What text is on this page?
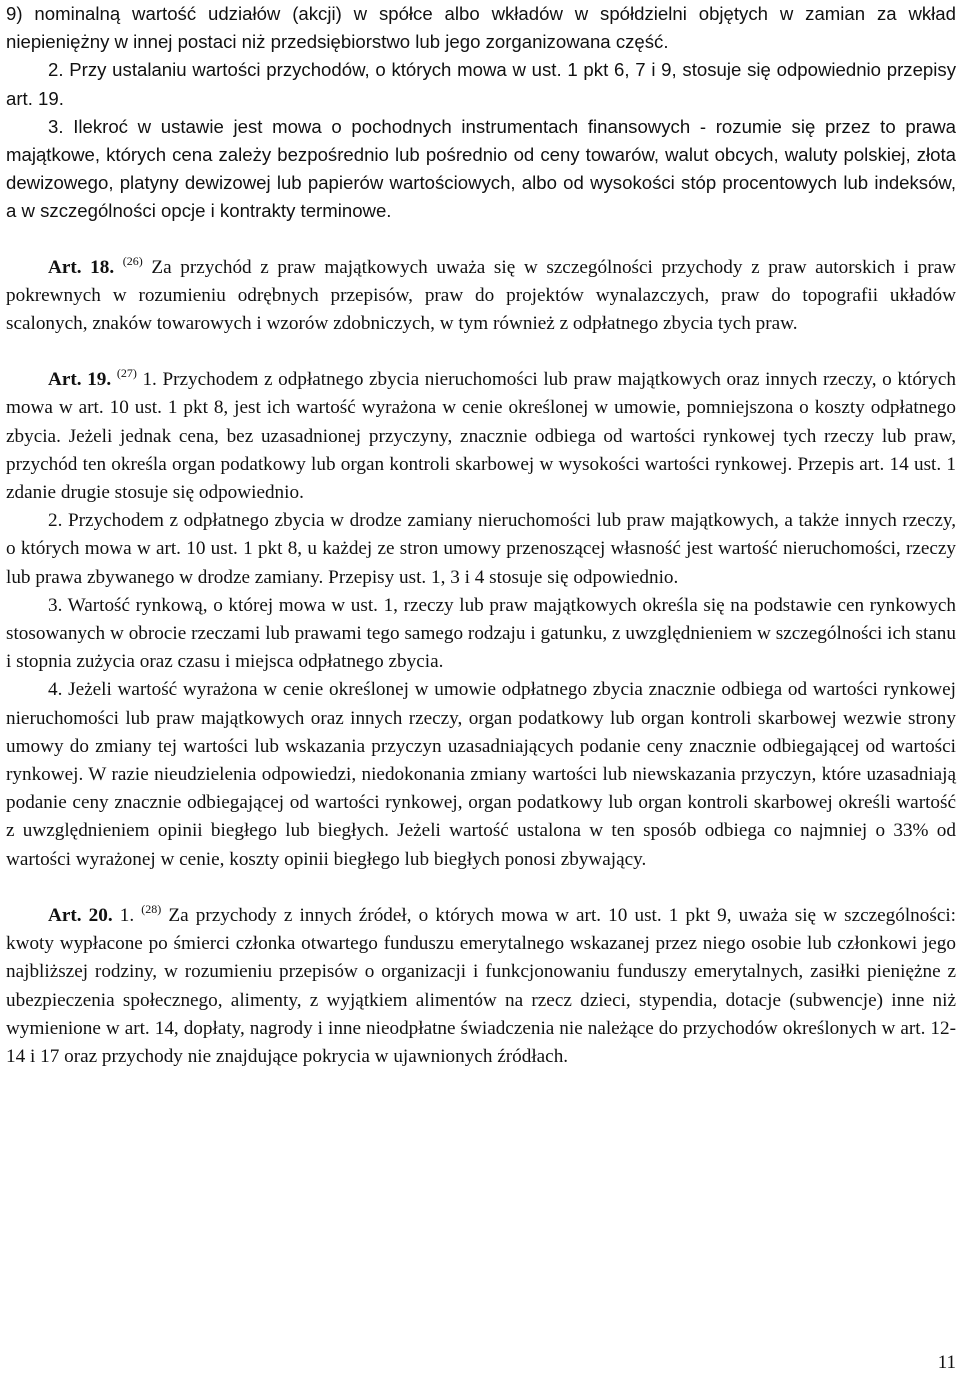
9) nominalną wartość udziałów (akcji) w spółce albo wkładów w spółdzielni objętych w zamian za wkład niepieniężny w innej postaci niż przedsiębiorstwo lub jego zorganizowana część.

2. Przy ustalaniu wartości przychodów, o których mowa w ust. 1 pkt 6, 7 i 9, stosuje się odpowiednio przepisy art. 19.

3. Ilekroć w ustawie jest mowa o pochodnych instrumentach finansowych - rozumie się przez to prawa majątkowe, których cena zależy bezpośrednio lub pośrednio od ceny towarów, walut obcych, waluty polskiej, złota dewizowego, platyny dewizowej lub papierów wartościowych, albo od wysokości stóp procentowych lub indeksów, a w szczególności opcje i kontrakty terminowe.

Art. 18. $^{(26)}$ Za przychód z praw majątkowych uważa się w szczególności przychody z praw autorskich i praw pokrewnych w rozumieniu odrębnych przepisów, praw do projektów wynalazczych, praw do topografii układów scalonych, znaków towarowych i wzorów zdobniczych, w tym również z odpłatnego zbycia tych praw.

Art. 19. $^{(27)}$ 1. Przychodem z odpłatnego zbycia nieruchomości lub praw majątkowych oraz innych rzeczy, o których mowa w art. 10 ust. 1 pkt 8, jest ich wartość wyrażona w cenie określonej w umowie, pomniejszona o koszty odpłatnego zbycia. Jeżeli jednak cena, bez uzasadnionej przyczyny, znacznie odbiega od wartości rynkowej tych rzeczy lub praw, przychód ten określa organ podatkowy lub organ kontroli skarbowej w wysokości wartości rynkowej. Przepis art. 14 ust. 1 zdanie drugie stosuje się odpowiednio.

2. Przychodem z odpłatnego zbycia w drodze zamiany nieruchomości lub praw majątkowych, a także innych rzeczy, o których mowa w art. 10 ust. 1 pkt 8, u każdej ze stron umowy przenoszącej własność jest wartość nieruchomości, rzeczy lub prawa zbywanego w drodze zamiany. Przepisy ust. 1, 3 i 4 stosuje się odpowiednio.

3. Wartość rynkową, o której mowa w ust. 1, rzeczy lub praw majątkowych określa się na podstawie cen rynkowych stosowanych w obrocie rzeczami lub prawami tego samego rodzaju i gatunku, z uwzględnieniem w szczególności ich stanu i stopnia zużycia oraz czasu i miejsca odpłatnego zbycia.

4. Jeżeli wartość wyrażona w cenie określonej w umowie odpłatnego zbycia znacznie odbiega od wartości rynkowej nieruchomości lub praw majątkowych oraz innych rzeczy, organ podatkowy lub organ kontroli skarbowej wezwie strony umowy do zmiany tej wartości lub wskazania przyczyn uzasadniających podanie ceny znacznie odbiegającej od wartości rynkowej. W razie nieudzielenia odpowiedzi, niedokonania zmiany wartości lub niewskazania przyczyn, które uzasadniają podanie ceny znacznie odbiegającej od wartości rynkowej, organ podatkowy lub organ kontroli skarbowej określi wartość z uwzględnieniem opinii biegłego lub biegłych. Jeżeli wartość ustalona w ten sposób odbiega co najmniej o 33% od wartości wyrażonej w cenie, koszty opinii biegłego lub biegłych ponosi zbywający.

Art. 20. 1. $^{(28)}$ Za przychody z innych źródeł, o których mowa w art. 10 ust. 1 pkt 9, uważa się w szczególności: kwoty wypłacone po śmierci członka otwartego funduszu emerytalnego wskazanej przez niego osobie lub członkowi jego najbliższej rodziny, w rozumieniu przepisów o organizacji i funkcjonowaniu funduszy emerytalnych, zasiłki pieniężne z ubezpieczenia społecznego, alimenty, z wyjątkiem alimentów na rzecz dzieci, stypendia, dotacje (subwencje) inne niż wymienione w art. 14, dopłaty, nagrody i inne nieodpłatne świadczenia nie należące do przychodów określonych w art. 12-14 i 17 oraz przychody nie znajdujące pokrycia w ujawnionych źródłach.

11
